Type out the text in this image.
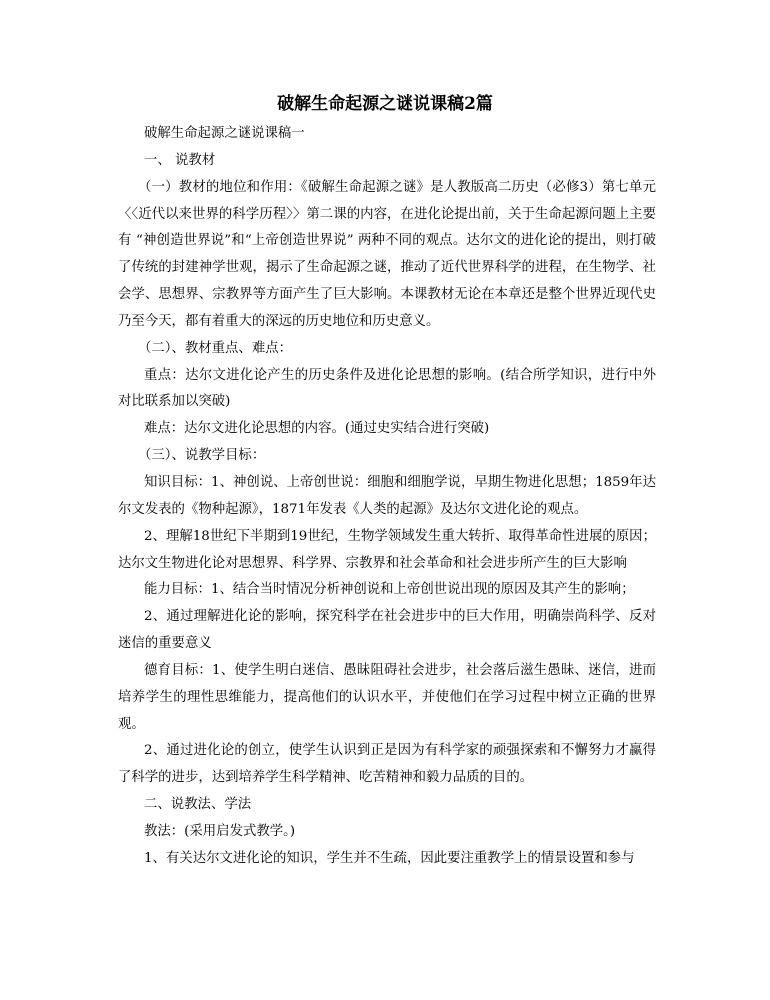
破解生命起源之谜说课稿2篇

破解生命起源之谜说课稿一

一、 说教材

（一）教材的地位和作用：《破解生命起源之谜》是人教版高二历史（必修3）第七单元〈〈近代以来世界的科学历程〉〉第二课的内容，在进化论提出前，关于生命起源问题上主要有 “神创造世界说”和“上帝创造世界说” 两种不同的观点。达尔文的进化论的提出，则打破了传统的封建神学世观，揭示了生命起源之谜，推动了近代世界科学的进程，在生物学、社会学、思想界、宗教界等方面产生了巨大影响。本课教材无论在本章还是整个世界近现代史乃至今天，都有着重大的深远的历史地位和历史意义。

（二）、教材重点、难点：

重点：达尔文进化论产生的历史条件及进化论思想的影响。(结合所学知识，进行中外对比联系加以突破)

难点：达尔文进化论思想的内容。(通过史实结合进行突破)

（三）、说教学目标：

知识目标：1、神创说、上帝创世说：细胞和细胞学说，早期生物进化思想；1859年达尔文发表的《物种起源》，1871年发表《人类的起源》及达尔文进化论的观点。

2、理解18世纪下半期到19世纪，生物学领域发生重大转折、取得革命性进展的原因；达尔文生物进化论对思想界、科学界、宗教界和社会革命和社会进步所产生的巨大影响

能力目标：1、结合当时情况分析神创说和上帝创世说出现的原因及其产生的影响；

2、通过理解进化论的影响，探究科学在社会进步中的巨大作用，明确崇尚科学、反对迷信的重要意义

德育目标：1、使学生明白迷信、愚昧阻碍社会进步，社会落后滋生愚昧、迷信，进而培养学生的理性思维能力，提高他们的认识水平，并使他们在学习过程中树立正确的世界观。

2、通过进化论的创立，使学生认识到正是因为有科学家的顽强探索和不懈努力才赢得了科学的进步，达到培养学生科学精神、吃苦精神和毅力品质的目的。

二、说教法、学法

教法：(采用启发式教学。)

1、有关达尔文进化论的知识，学生并不生疏，因此要注重教学上的情景设置和参与
